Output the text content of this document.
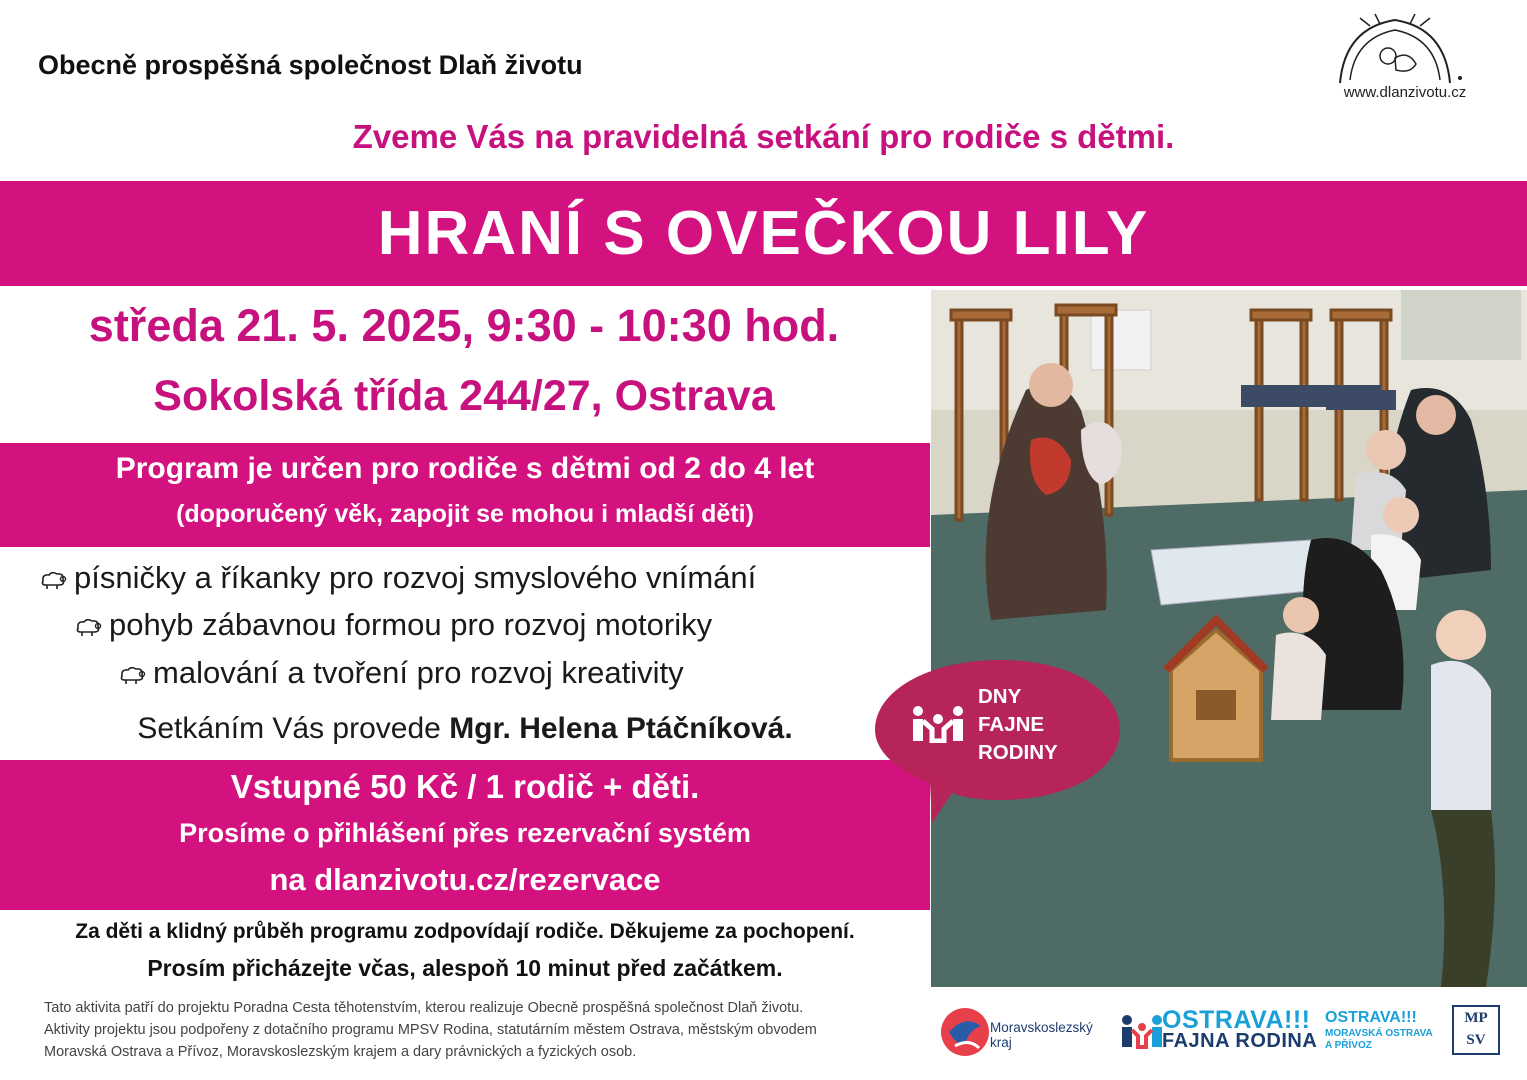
Obecně prospěšná společnost Dlaň životu
www.dlanzivotu.cz
Zveme Vás na pravidelná setkání pro rodiče s dětmi.
HRANÍ S OVEČKOU LILY
středa 21. 5. 2025, 9:30 - 10:30 hod.
Sokolská třída 244/27, Ostrava
Program je určen pro rodiče s dětmi od 2 do 4 let
(doporučený věk, zapojit se mohou i mladší děti)
písničky a říkanky pro rozvoj smyslového vnímání
pohyb zábavnou formou pro rozvoj motoriky
malování a tvoření pro rozvoj kreativity
Setkáním Vás provede Mgr. Helena Ptáčníková.
Vstupné 50 Kč / 1 rodič + děti.
Prosíme o přihlášení přes rezervační systém
na dlanzivotu.cz/rezervace
Za děti a klidný průběh programu zodpovídají rodiče. Děkujeme za pochopení.
Prosím přicházejte včas, alespoň 10 minut před začátkem.
Tato aktivita patří do projektu Poradna Cesta těhotenstvím, kterou realizuje Obecně prospěšná společnost Dlaň životu.
Aktivity projektu jsou podpořeny z dotačního programu MPSV Rodina, statutárním městem Ostrava, městským obvodem
Moravská Ostrava a Přívoz, Moravskoslezským krajem a dary právnických a fyzických osob.
DNY
FAJNE
RODINY
Moravskoslezský
kraj
OSTRAVA!!!
FAJNA RODINA
OSTRAVA!!!
MORAVSKÁ OSTRAVA
A PŘÍVOZ
MP
SV
